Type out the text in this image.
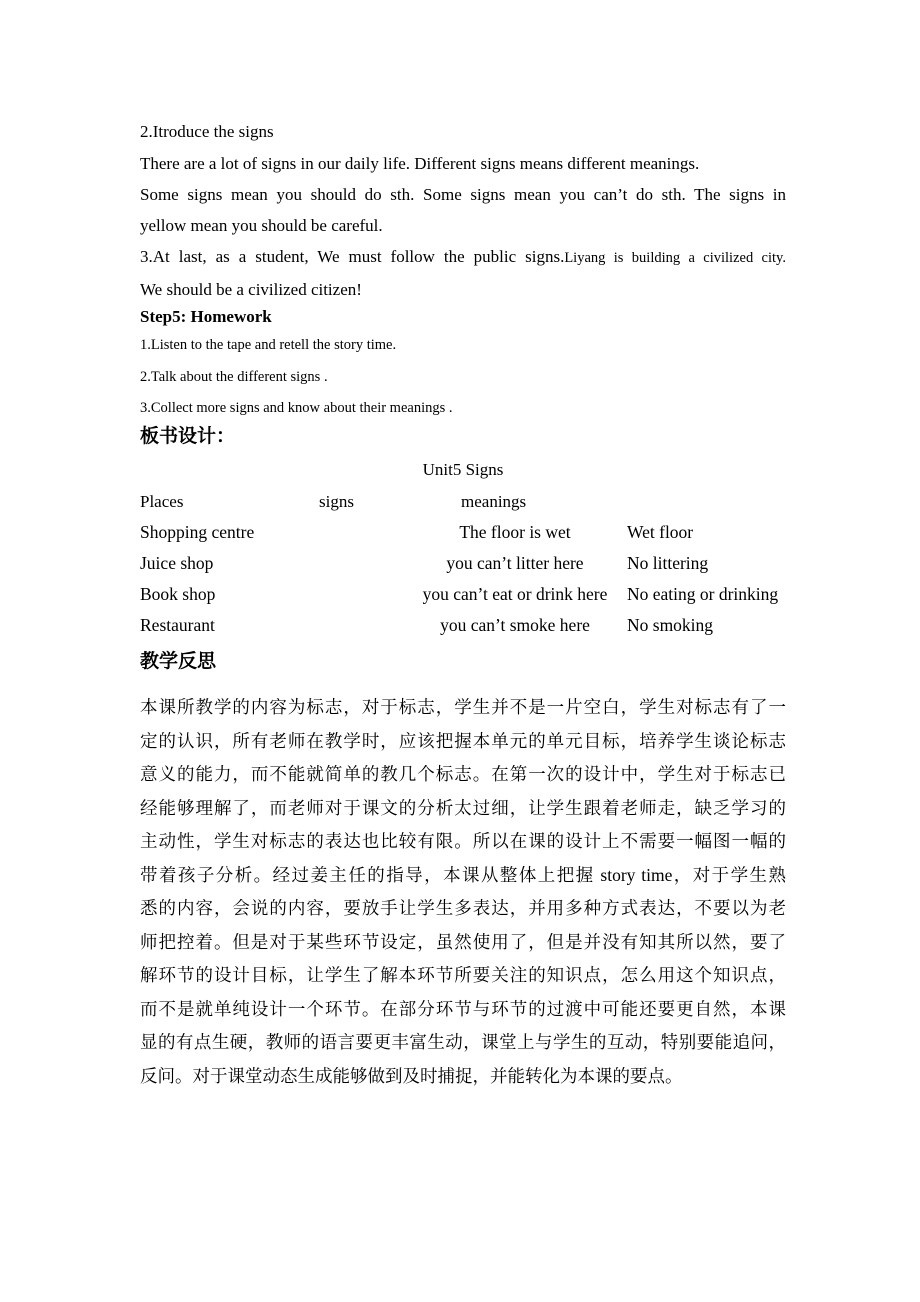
2.Itroduce the signs
There are a lot of signs in our daily life. Different signs means different meanings.
Some signs mean you should do sth. Some signs mean you can’t do sth. The signs in
yellow mean you should be careful.
3.At last, as a student, We must follow the public signs.Liyang is building a civilized city.
We should be a civilized citizen!
Step5: Homework
1.Listen to the tape and retell the story time.
2.Talk about the different signs .
3.Collect more signs and know about their meanings .
板书设计：
Unit5 Signs
Places	signs	meanings
Shopping centre	The floor is wet	Wet floor
Juice shop	you can’t litter here	No littering
Book shop	you can’t eat or drink here	No eating or drinking
Restaurant	you can’t smoke here	No smoking
教学反思
本课所教学的内容为标志，对于标志，学生并不是一片空白，学生对标志有了一
定的认识，所有老师在教学时，应该把握本单元的单元目标，培养学生谈论标志
意义的能力，而不能就简单的教几个标志。在第一次的设计中，学生对于标志已
经能够理解了，而老师对于课文的分析太过细，让学生跟着老师走，缺乏学习的
主动性，学生对标志的表达也比较有限。所以在课的设计上不需要一幅图一幅的
带着孩子分析。经过姜主任的指导，本课从整体上把握 story time，对于学生熟
悉的内容，会说的内容，要放手让学生多表达，并用多种方式表达，不要以为老
师把控着。但是对于某些环节设定，虽然使用了，但是并没有知其所以然，要了
解环节的设计目标，让学生了解本环节所要关注的知识点，怎么用这个知识点，
而不是就单纯设计一个环节。在部分环节与环节的过渡中可能还要更自然，本课
显的有点生硬，教师的语言要更丰富生动，课堂上与学生的互动，特别要能追问，
反问。对于课堂动态生成能够做到及时捕捉，并能转化为本课的要点。
